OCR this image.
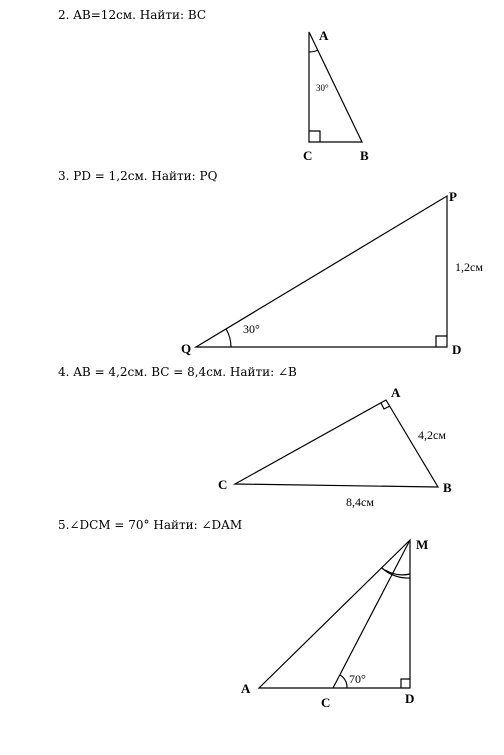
2. AB=12см. Найти: BC
3. PD = 1,2см. Найти: PQ
4. AB = 4,2см. BC = 8,4см. Найти: ∠B
5.∠DCM = 70° Найти: ∠DAM
A
30°
C	B
P
1,2см
30°
Q	D
A
4,2см
C	B
8,4см
M
70°
A
C	D
